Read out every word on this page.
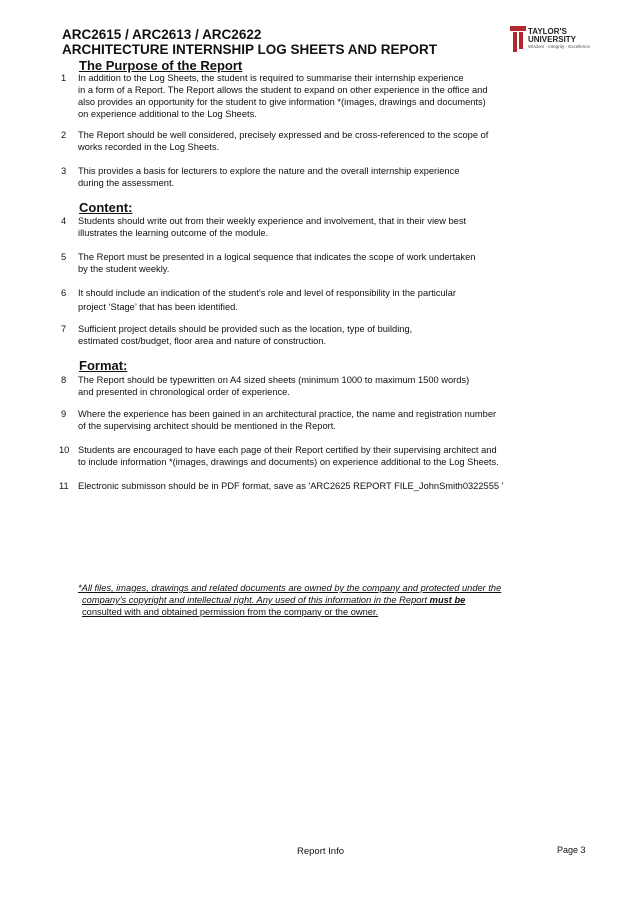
ARC2615 / ARC2613 / ARC2622
ARCHITECTURE INTERNSHIP LOG SHEETS AND REPORT
TAYLOR'S
UNIVERSITY
Wisdom · Integrity · Excellence
The Purpose of the Report
Content:
Format:
1 In addition to the Log Sheets, the student is required to summarise their internship experience
in a form of a Report. The Report allows the student to expand on other experience in the office and
also provides an opportunity for the student to give information *(images, drawings and documents)
on experience additional to the Log Sheets.
2 The Report should be well considered, precisely expressed and be cross-referenced to the scope of
works recorded in the Log Sheets.
3 This provides a basis for lecturers to explore the nature and the overall internship experience
during the assessment.
4 Students should write out from their weekly experience and involvement, that in their view best
illustrates the learning outcome of the module.
5 The Report must be presented in a logical sequence that indicates the scope of work undertaken
by the student weekly.
6 It should include an indication of the student's role and level of responsibility in the particular
project ‘Stage’ that has been identified.
7 Sufficient project details should be provided such as the location, type of building,
estimated cost/budget, floor area and nature of construction.
8 The Report should be typewritten on A4 sized sheets (minimum 1000 to maximum 1500 words)
and presented in chronological order of experience.
9 Where the experience has been gained in an architectural practice, the name and registration number
of the supervising architect should be mentioned in the Report.
10 Students are encouraged to have each page of their Report certified by their supervising architect and
to include information *(images, drawings and documents) on experience additional to the Log Sheets.
11 Electronic submisson should be in PDF format, save as 'ARC2625 REPORT FILE_JohnSmith0322555 '
*All files, images, drawings and related documents are owned by the company and protected under the
company's copyright and intellectual right. Any used of this information in the Report must be
consulted with and obtained permission from the company or the owner.
Report Info	Page 3
